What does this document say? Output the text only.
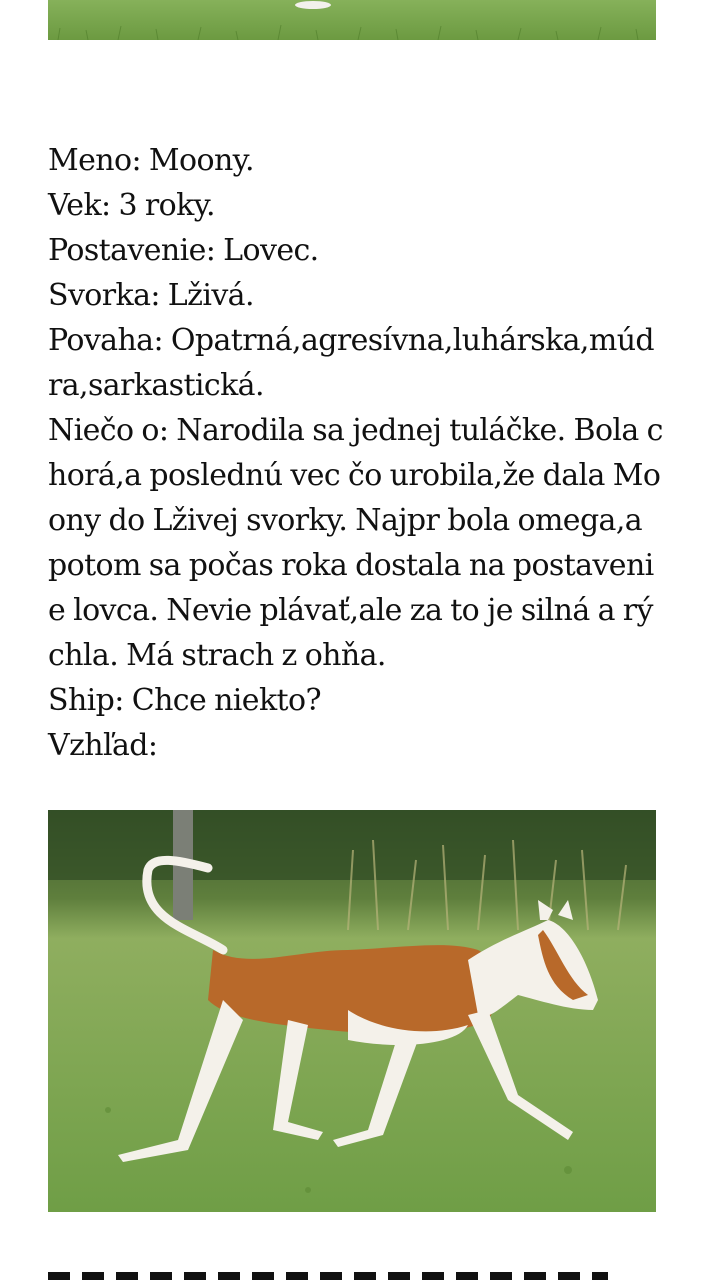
Meno: Moony.

Vek: 3 roky.

Postavenie: Lovec.

Svorka: Lživá.

Povaha: Opatrná,agresívna,luhárska,múdra,sarkastická.

Niečo o: Narodila sa jednej tuláčke. Bola chorá,a poslednú vec čo urobila,že dala Moony do Lživej svorky. Najpr bola omega,a potom sa počas roka dostala na postavenie lovca. Nevie plávať,ale za to je silná a rýchla. Má strach z ohňa.

Ship: Chce niekto?

Vzhľad:
